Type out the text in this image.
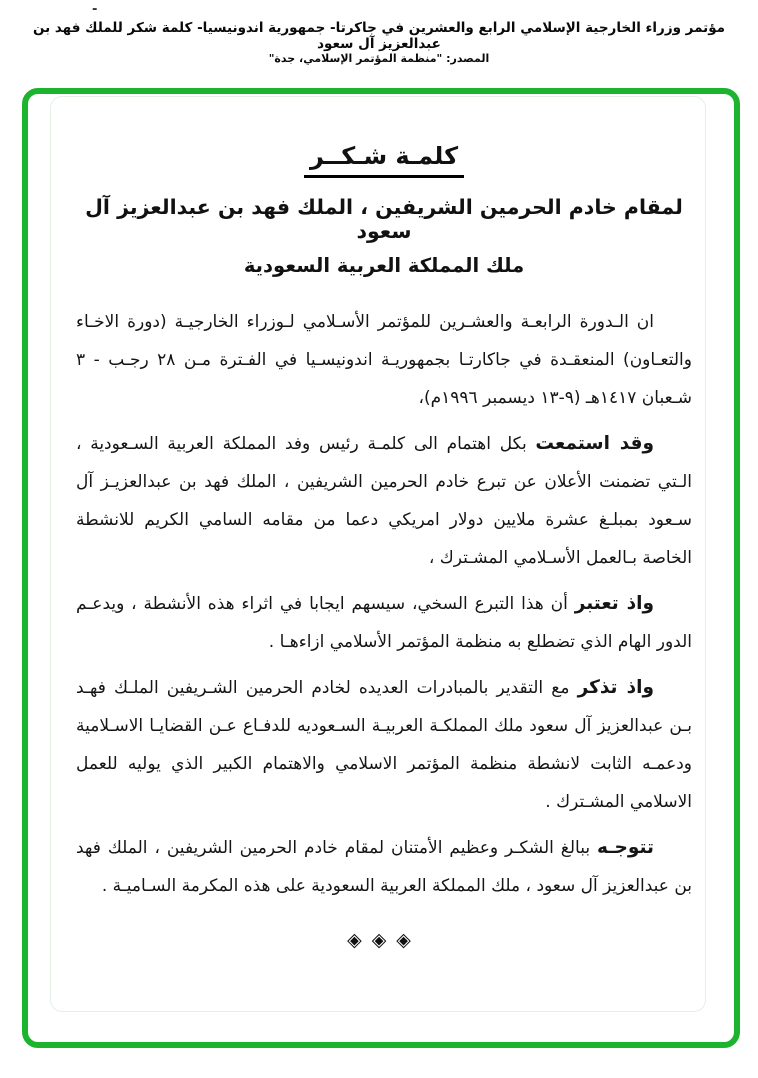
-
مؤتمر وزراء الخارجية الإسلامي الرابع والعشرين في جاكرتا- جمهورية اندونيسيا- كلمة شكر للملك فهد بن عبدالعزيز آل سعود
المصدر: "منظمة المؤتمر الإسلامي، جدة"
كلمـة شـكــر
لمقام خادم الحرمين الشريفين ، الملك فهد بن عبدالعزيز آل سعود
ملك المملكة العربية السعودية

ان الـدورة الرابعـة والعشـرين للمؤتمر الأسـلامي لـوزراء الخارجيـة (دورة الاخـاء والتعـاون) المنعقـدة في جاكارتـا بجمهوريـة اندونيسـيا في الفـترة مـن ٢٨ رجـب - ٣ شـعبان ١٤١٧هـ (٩-١٣ ديسمبر ١٩٩٦م)،

وقد استمعت بكل اهتمام الى كلمـة رئيس وفد المملكة العربية السـعودية ، الـتي تضمنت الأعلان عن تبرع خادم الحرمين الشريفين ، الملك فهد بن عبدالعزيـز آل سـعود بمبلـغ عشرة ملايين دولار امريكي دعما من مقامه السامي الكريم للانشطة الخاصة بـالعمل الأسـلامي المشـترك ،

واذ تعتبر أن هذا التبرع السخي، سيسهم ايجابا في اثراء هذه الأنشطة ، ويدعـم الدور الهام الذي تضطلع به منظمة المؤتمر الأسلامي ازاءهـا .

واذ تذكر مع التقدير بالمبادرات العديده لخادم الحرمين الشـريفين الملـك فهـد بـن عبدالعزيز آل سعود ملك المملكـة العربيـة السـعوديه للدفـاع عـن القضايـا الاسـلامية ودعمـه الثابت لانشطة منظمة المؤتمر الاسلامي والاهتمام الكبير الذي يوليه للعمل الاسلامي المشـترك .

تتوجـه ببالغ الشكـر وعظيم الأمتنان لمقام خادم الحرمين الشريفين ، الملك فهد بن عبدالعزيز آل سعود ، ملك المملكة العربية السعودية على هذه المكرمة السـاميـة .

◈◈◈
